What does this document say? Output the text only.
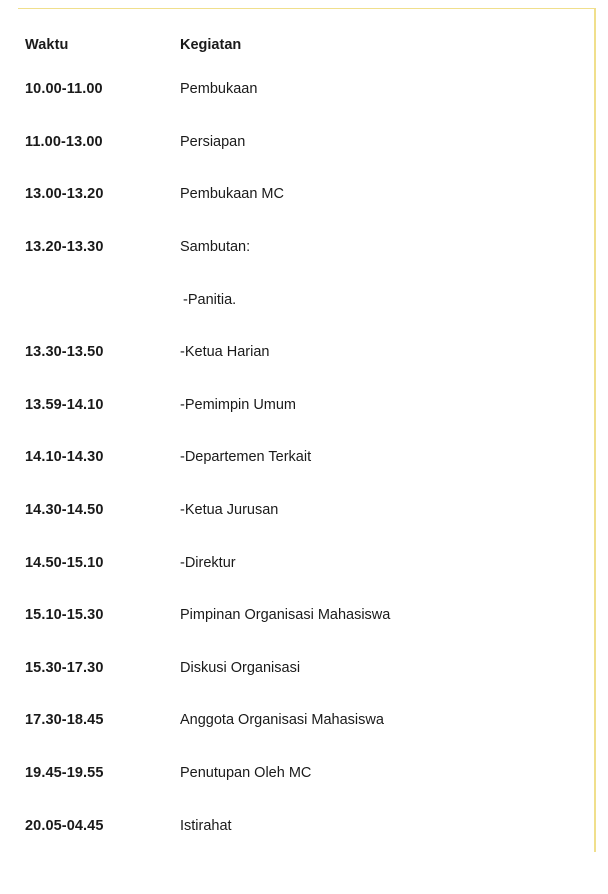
Waktu	Kegiatan
10.00-11.00	Pembukaan
11.00-13.00	Persiapan
13.00-13.20	Pembukaan MC
13.20-13.30	Sambutan:
-Panitia.
13.30-13.50	-Ketua Harian
13.59-14.10	-Pemimpin Umum
14.10-14.30	-Departemen Terkait
14.30-14.50	-Ketua Jurusan
14.50-15.10	-Direktur
15.10-15.30	Pimpinan Organisasi Mahasiswa
15.30-17.30	Diskusi Organisasi
17.30-18.45	Anggota Organisasi Mahasiswa
19.45-19.55	Penutupan Oleh MC
20.05-04.45	Istirahat
